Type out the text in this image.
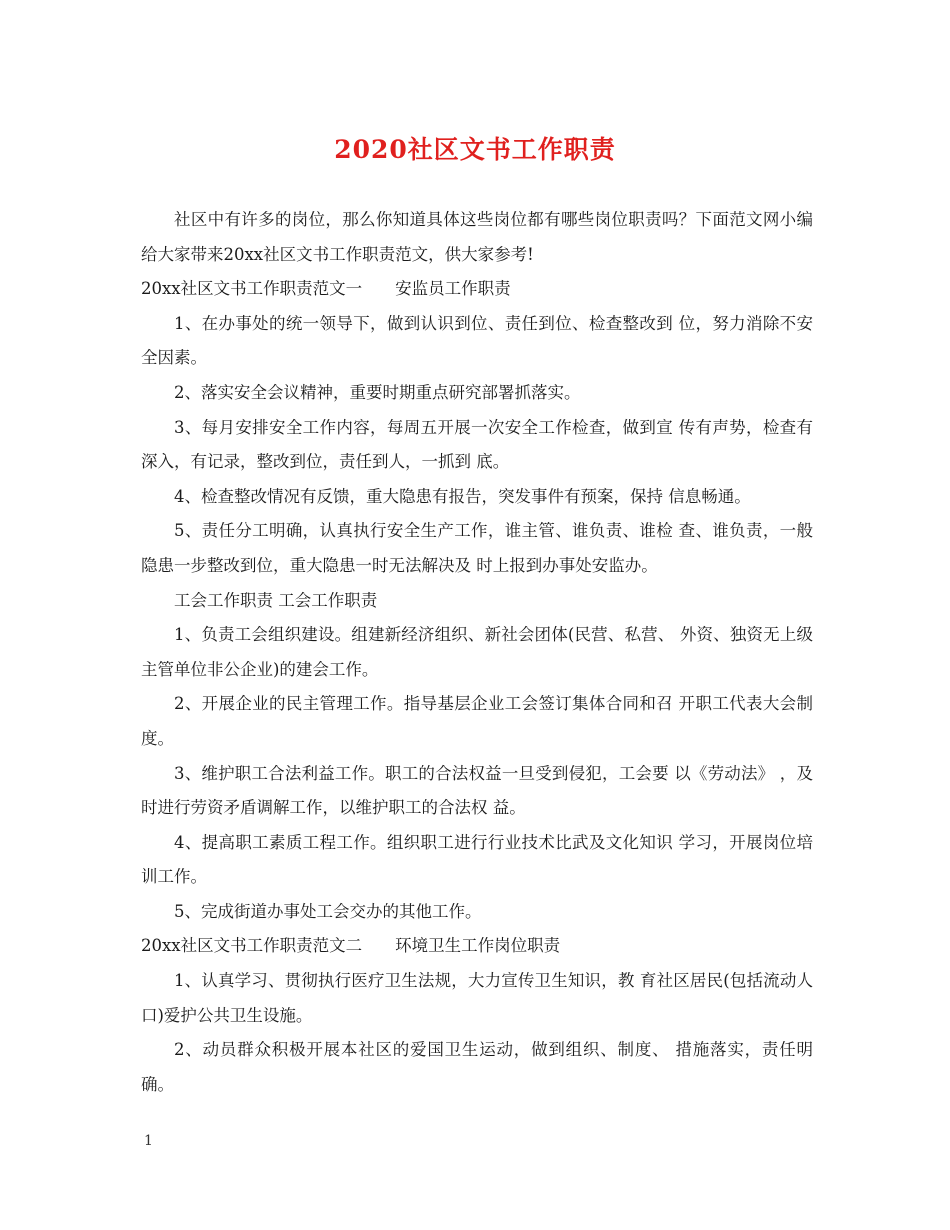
2020社区文书工作职责

社区中有许多的岗位，那么你知道具体这些岗位都有哪些岗位职责吗？下面范文网小编给大家带来20xx社区文书工作职责范文，供大家参考!

20xx社区文书工作职责范文一　　安监员工作职责

1、在办事处的统一领导下，做到认识到位、责任到位、检查整改到 位，努力消除不安全因素。

2、落实安全会议精神，重要时期重点研究部署抓落实。

3、每月安排安全工作内容，每周五开展一次安全工作检查，做到宣 传有声势，检查有深入，有记录，整改到位，责任到人，一抓到 底。

4、检查整改情况有反馈，重大隐患有报告，突发事件有预案，保持 信息畅通。

5、责任分工明确，认真执行安全生产工作，谁主管、谁负责、谁检 查、谁负责，一般隐患一步整改到位，重大隐患一时无法解决及 时上报到办事处安监办。

工会工作职责 工会工作职责

1、负责工会组织建设。组建新经济组织、新社会团体(民营、私营、 外资、独资无上级主管单位非公企业)的建会工作。

2、开展企业的民主管理工作。指导基层企业工会签订集体合同和召 开职工代表大会制度。

3、维护职工合法利益工作。职工的合法权益一旦受到侵犯，工会要 以《劳动法》 ，及时进行劳资矛盾调解工作，以维护职工的合法权 益。

4、提高职工素质工程工作。组织职工进行行业技术比武及文化知识 学习，开展岗位培训工作。

5、完成街道办事处工会交办的其他工作。

20xx社区文书工作职责范文二　　环境卫生工作岗位职责

1、认真学习、贯彻执行医疗卫生法规，大力宣传卫生知识，教 育社区居民(包括流动人口)爱护公共卫生设施。

2、动员群众积极开展本社区的爱国卫生运动，做到组织、制度、 措施落实，责任明确。

1
